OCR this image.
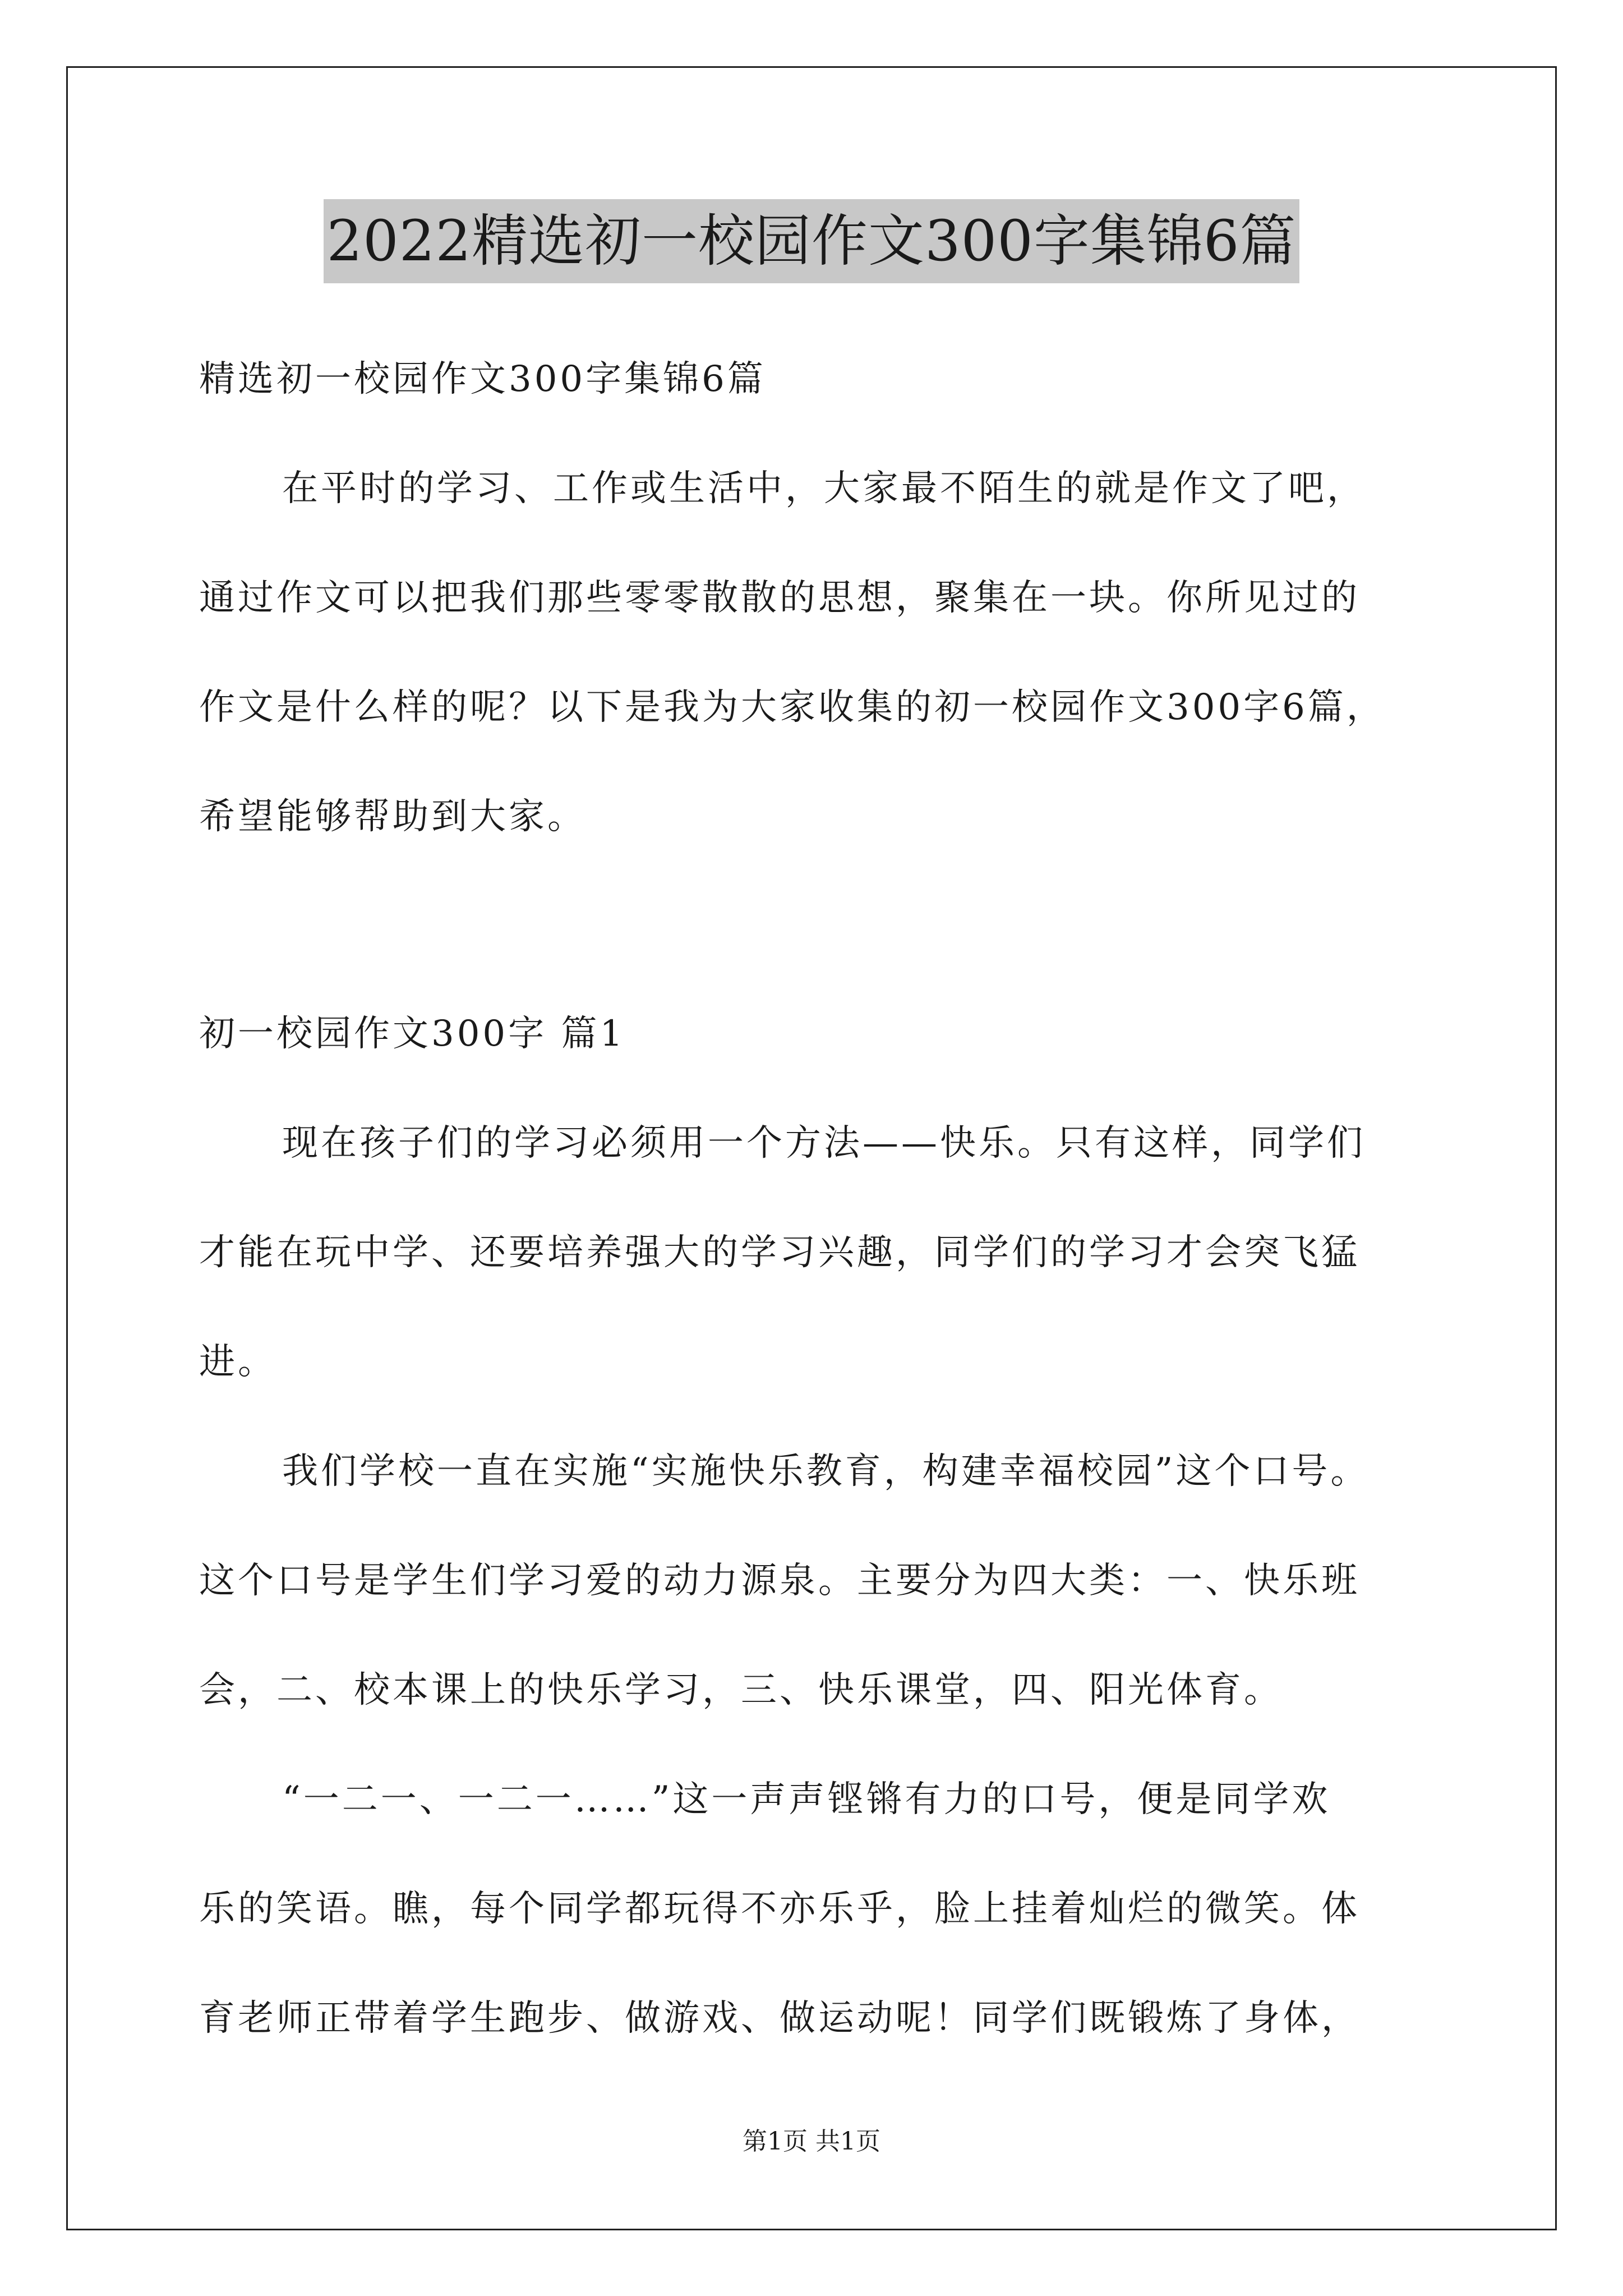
2022精选初一校园作文300字集锦6篇

精选初一校园作文300字集锦6篇

在平时的学习、工作或生活中，大家最不陌生的就是作文了吧，

通过作文可以把我们那些零零散散的思想，聚集在一块。你所见过的

作文是什么样的呢？以下是我为大家收集的初一校园作文300字6篇，

希望能够帮助到大家。

初一校园作文300字 篇1

现在孩子们的学习必须用一个方法——快乐。只有这样，同学们

才能在玩中学、还要培养强大的学习兴趣，同学们的学习才会突飞猛

进。

我们学校一直在实施“实施快乐教育，构建幸福校园”这个口号。

这个口号是学生们学习爱的动力源泉。主要分为四大类：一、快乐班

会，二、校本课上的快乐学习，三、快乐课堂，四、阳光体育。

“一二一、一二一……”这一声声铿锵有力的口号，便是同学欢

乐的笑语。瞧，每个同学都玩得不亦乐乎，脸上挂着灿烂的微笑。体

育老师正带着学生跑步、做游戏、做运动呢！同学们既锻炼了身体，

第1页 共1页
